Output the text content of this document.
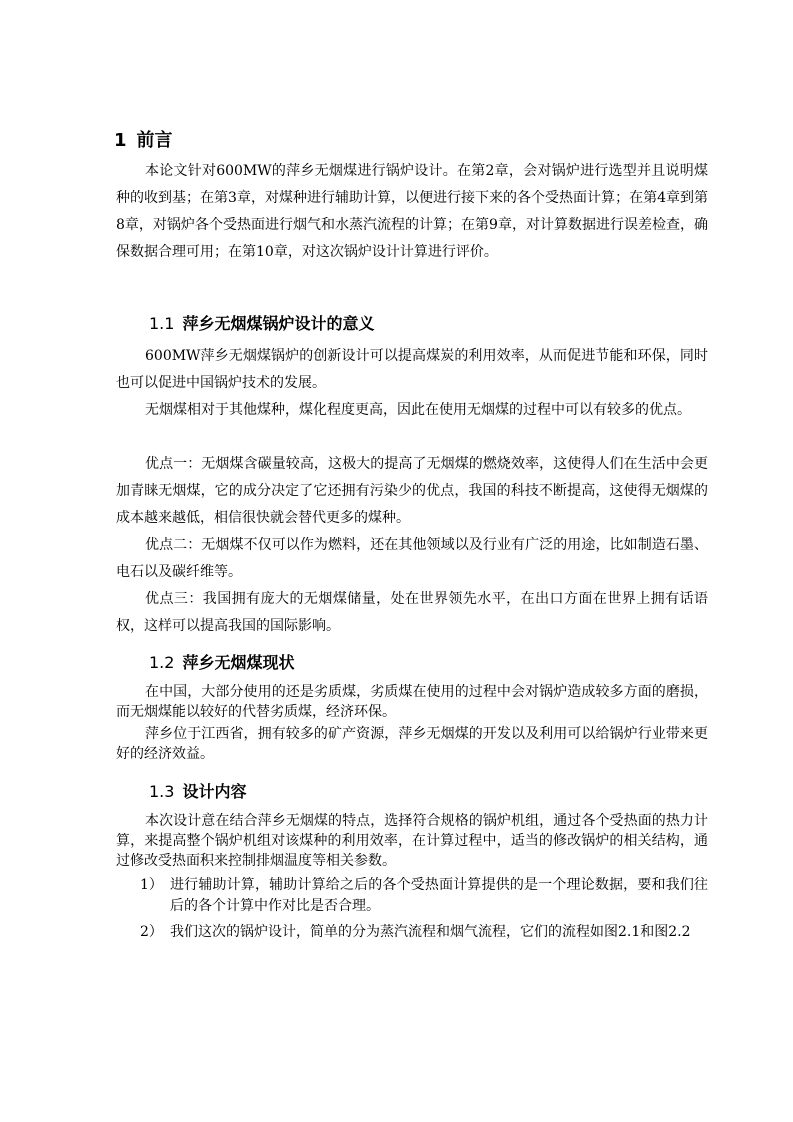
1 前言

本论文针对600MW的萍乡无烟煤进行锅炉设计。在第2章，会对锅炉进行选型并且说明煤种的收到基；在第3章，对煤种进行辅助计算，以便进行接下来的各个受热面计算；在第4章到第8章，对锅炉各个受热面进行烟气和水蒸汽流程的计算；在第9章，对计算数据进行误差检查，确保数据合理可用；在第10章，对这次锅炉设计计算进行评价。

1.1 萍乡无烟煤锅炉设计的意义

600MW萍乡无烟煤锅炉的创新设计可以提高煤炭的利用效率，从而促进节能和环保，同时也可以促进中国锅炉技术的发展。

无烟煤相对于其他煤种，煤化程度更高，因此在使用无烟煤的过程中可以有较多的优点。

优点一：无烟煤含碳量较高，这极大的提高了无烟煤的燃烧效率，这使得人们在生活中会更加青睐无烟煤，它的成分决定了它还拥有污染少的优点，我国的科技不断提高，这使得无烟煤的成本越来越低，相信很快就会替代更多的煤种。

优点二：无烟煤不仅可以作为燃料，还在其他领域以及行业有广泛的用途，比如制造石墨、电石以及碳纤维等。

优点三：我国拥有庞大的无烟煤储量，处在世界领先水平，在出口方面在世界上拥有话语权，这样可以提高我国的国际影响。

1.2 萍乡无烟煤现状

在中国，大部分使用的还是劣质煤，劣质煤在使用的过程中会对锅炉造成较多方面的磨损，而无烟煤能以较好的代替劣质煤，经济环保。

萍乡位于江西省，拥有较多的矿产资源，萍乡无烟煤的开发以及利用可以给锅炉行业带来更好的经济效益。

1.3 设计内容

本次设计意在结合萍乡无烟煤的特点，选择符合规格的锅炉机组，通过各个受热面的热力计算，来提高整个锅炉机组对该煤种的利用效率，在计算过程中，适当的修改锅炉的相关结构，通过修改受热面积来控制排烟温度等相关参数。

1） 进行辅助计算，辅助计算给之后的各个受热面计算提供的是一个理论数据，要和我们往后的各个计算中作对比是否合理。
2） 我们这次的锅炉设计，简单的分为蒸汽流程和烟气流程，它们的流程如图2.1和图2.2
